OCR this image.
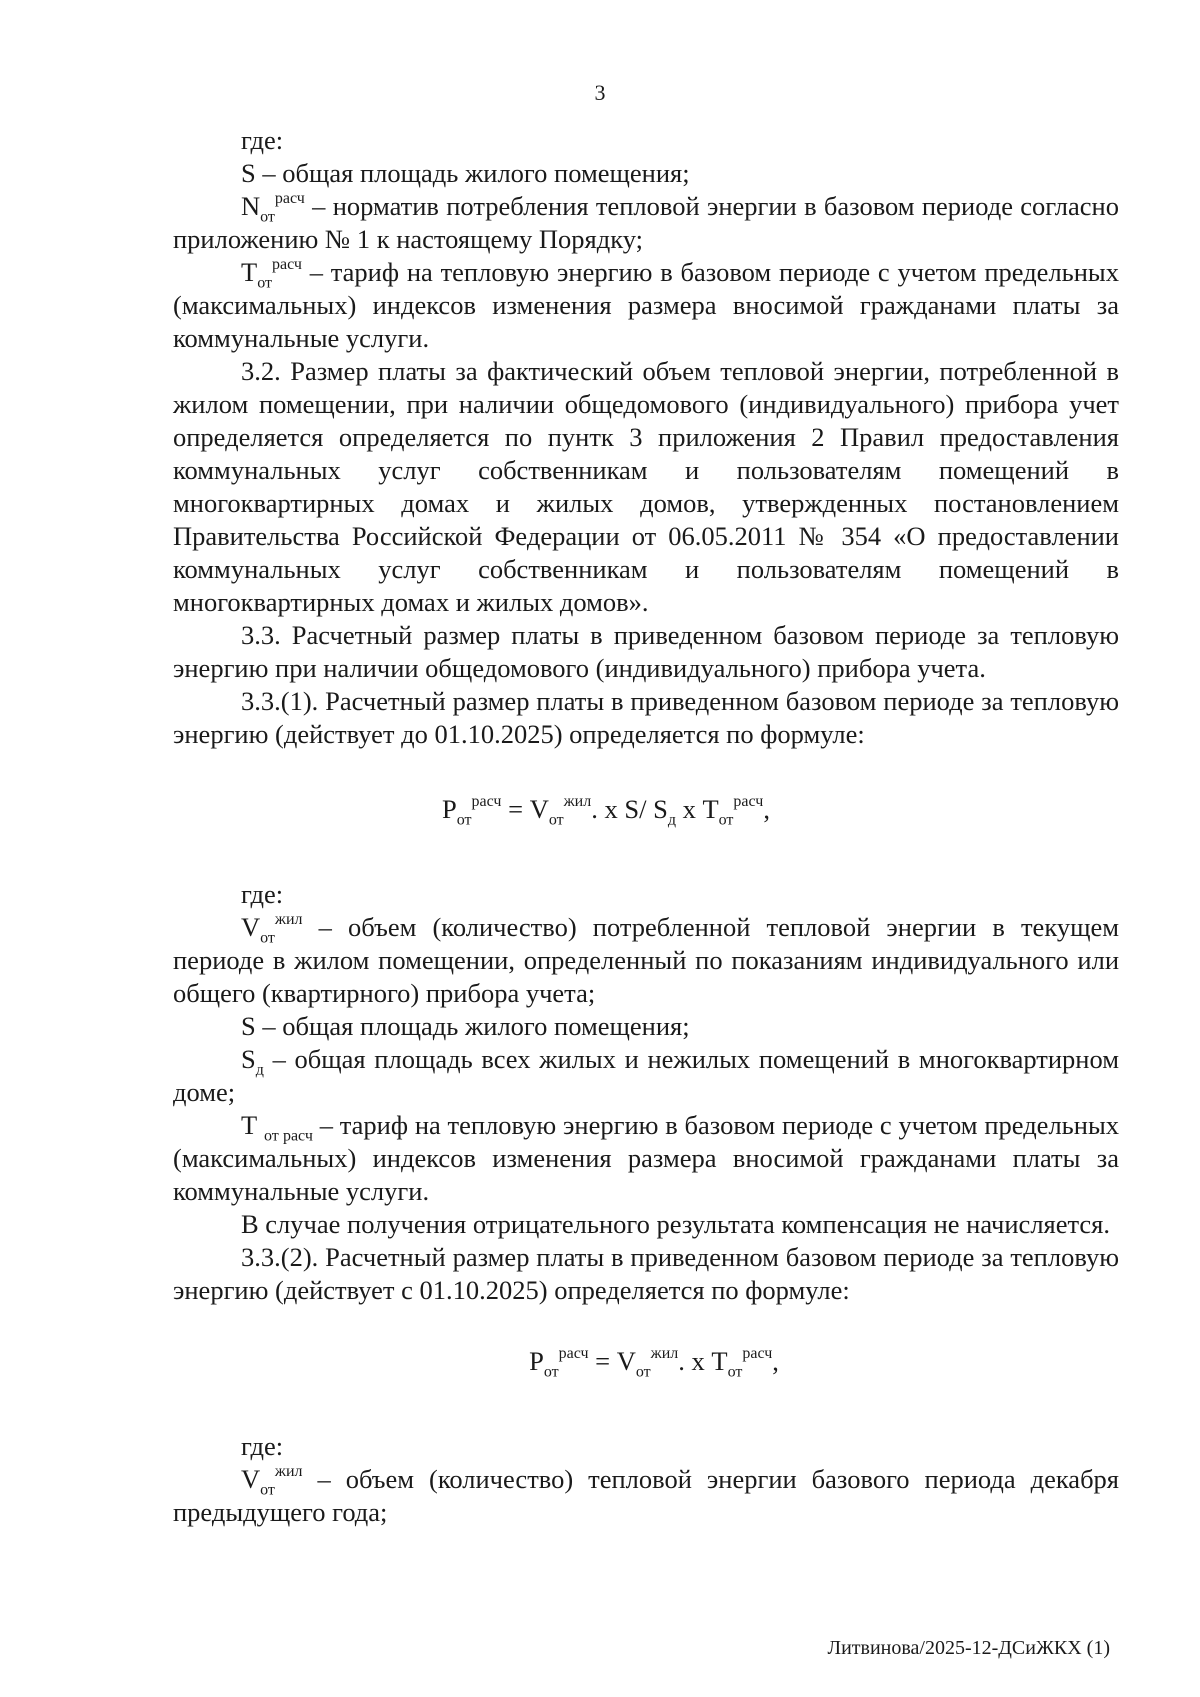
3

где:

S – общая площадь жилого помещения;

$N_{от}^{расч}$ – норматив потребления тепловой энергии в базовом периоде согласно приложению № 1 к настоящему Порядку;

$T_{от}^{расч}$ – тариф на тепловую энергию в базовом периоде с учетом предельных (максимальных) индексов изменения размера вносимой гражданами платы за коммунальные услуги.

3.2. Размер платы за фактический объем тепловой энергии, потребленной в жилом помещении, при наличии общедомового (индивидуального) прибора учет определяется определяется по пунтк 3 приложения 2 Правил предоставления коммунальных услуг собственникам и пользователям помещений в многоквартирных домах и жилых домов, утвержденных постановлением Правительства Российской Федерации от 06.05.2011 № 354 «О предоставлении коммунальных услуг собственникам и пользователям помещений в многоквартирных домах и жилых домов».

3.3. Расчетный размер платы в приведенном базовом периоде за тепловую энергию при наличии общедомового (индивидуального) прибора учета.

3.3.(1). Расчетный размер платы в приведенном базовом периоде за тепловую энергию (действует до 01.10.2025) определяется по формуле:

$P_{от}^{расч} = V_{от}^{жил}$. х S/ $S_д$ х $T_{от}^{расч}$,

где:

$V_{от}^{жил}$ – объем (количество) потребленной тепловой энергии в текущем периоде в жилом помещении, определенный по показаниям индивидуального или общего (квартирного) прибора учета;

S – общая площадь жилого помещения;

$S_д$ – общая площадь всех жилых и нежилых помещений в многоквартирном доме;

Т $_{от расч}$ – тариф на тепловую энергию в базовом периоде с учетом предельных (максимальных) индексов изменения размера вносимой гражданами платы за коммунальные услуги.

В случае получения отрицательного результата компенсация не начисляется.

3.3.(2). Расчетный размер платы в приведенном базовом периоде за тепловую энергию (действует с 01.10.2025) определяется по формуле:

$P_{от}^{расч} = V_{от}^{жил}$. х $T_{от}^{расч}$,

где:

$V_{от}^{жил}$ – объем (количество) тепловой энергии базового периода декабря предыдущего года;

Литвинова/2025-12-ДСиЖКХ (1)
